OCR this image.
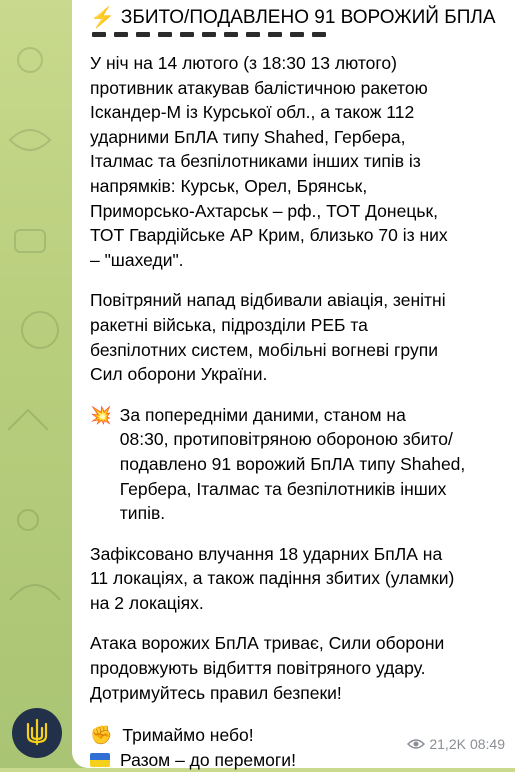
⚡ ЗБИТО/ПОДАВЛЕНО 91 ВОРОЖИЙ БПЛА

У ніч на 14 лютого (з 18:30 13 лютого)
противник атакував балістичною ракетою
Іскандер-М із Курської обл., а також 112
ударними БпЛА типу Shahed, Гербера,
Італмас та безпілотниками інших типів із
напрямків: Курськ, Орел, Брянськ,
Приморсько-Ахтарськ – рф., ТОТ Донецьк,
ТОТ Гвардійське АР Крим, близько 70 із них
– "шахеди".

Повітряний напад відбивали авіація, зенітні
ракетні війська, підрозділи РЕБ та
безпілотних систем, мобільні вогневі групи
Сил оборони України.

💥 За попередніми даними, станом на
08:30, протиповітряною обороною збито/
подавлено 91 ворожий БпЛА типу Shahed,
Гербера, Італмас та безпілотників інших
типів.

Зафіксовано влучання 18 ударних БпЛА на
11 локаціях, а також падіння збитих (уламки)
на 2 локаціях.

Атака ворожих БпЛА триває, Сили оборони
продовжують відбиття повітряного удару.
Дотримуйтесь правил безпеки!

✊ Тримаймо небо!
Разом – до перемоги!
21,2K 08:49
